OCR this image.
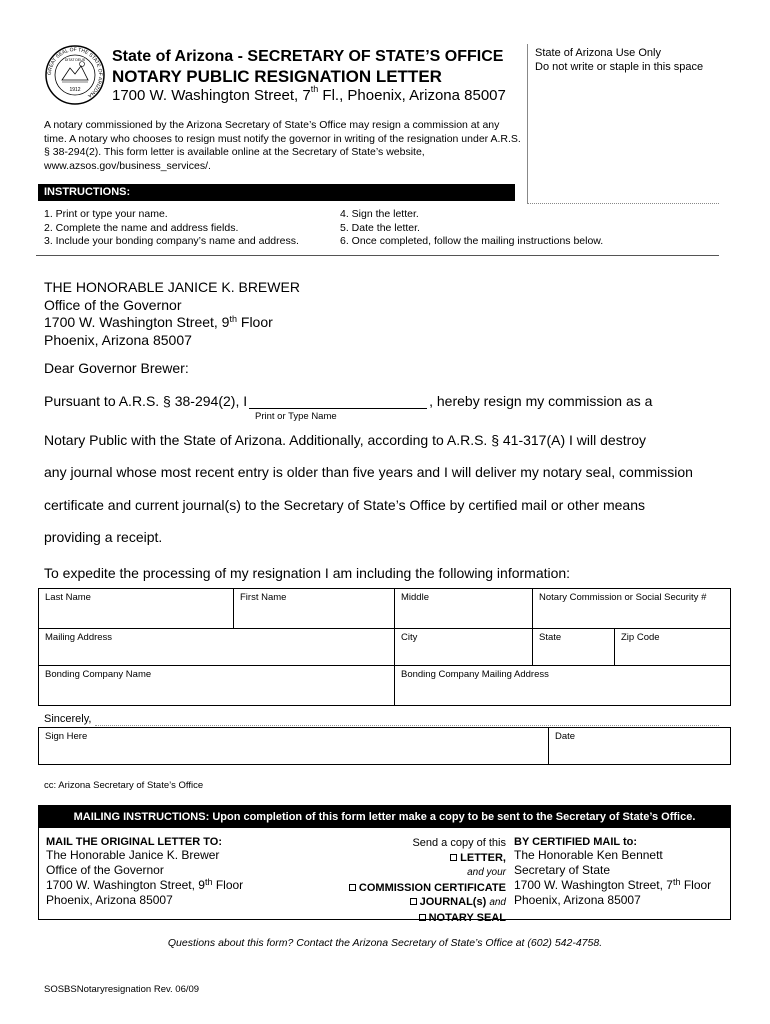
GREAT SEAL OF THE STATE OF ARIZONA
DITAT DEUS
1912
State of Arizona - SECRETARY OF STATE’S OFFICE
NOTARY PUBLIC RESIGNATION LETTER
1700 W. Washington Street, 7th Fl., Phoenix, Arizona 85007
State of Arizona Use Only
Do not write or staple in this space
A notary commissioned by the Arizona Secretary of State’s Office may resign a commission at any time. A notary who chooses to resign must notify the governor in writing of the resignation under A.R.S. § 38-294(2). This form letter is available online at the Secretary of State’s website, www.azsos.gov/business_services/.
INSTRUCTIONS:
1. Print or type your name.
2. Complete the name and address fields.
3. Include your bonding company’s name and address.
4. Sign the letter.
5. Date the letter.
6. Once completed, follow the mailing instructions below.
THE HONORABLE JANICE K. BREWER
Office of the Governor
1700 W. Washington Street, 9th Floor
Phoenix, Arizona 85007
Dear Governor Brewer:
Pursuant to A.R.S. § 38-294(2), I	, hereby resign my commission as a
Print or Type Name
Notary Public with the State of Arizona. Additionally, according to A.R.S. § 41-317(A) I will destroy
any journal whose most recent entry is older than five years and I will deliver my notary seal, commission
certificate and current journal(s) to the Secretary of State’s Office by certified mail or other means
providing a receipt.
To expedite the processing of my resignation I am including the following information:
Last Name	First Name	Middle	Notary Commission or Social Security #
Mailing Address	City	State	Zip Code
Bonding Company Name	Bonding Company Mailing Address
Sincerely,
Sign Here	Date
cc: Arizona Secretary of State’s Office
MAILING INSTRUCTIONS: Upon completion of this form letter make a copy to be sent to the Secretary of State’s Office.
MAIL THE ORIGINAL LETTER TO:
The Honorable Janice K. Brewer
Office of the Governor
1700 W. Washington Street, 9th Floor
Phoenix, Arizona 85007
Send a copy of this
LETTER,
and your
COMMISSION CERTIFICATE
JOURNAL(s) and
NOTARY SEAL
BY CERTIFIED MAIL to:
The Honorable Ken Bennett
Secretary of State
1700 W. Washington Street, 7th Floor
Phoenix, Arizona 85007
Questions about this form? Contact the Arizona Secretary of State’s Office at (602) 542-4758.
SOSBSNotaryresignation Rev. 06/09
